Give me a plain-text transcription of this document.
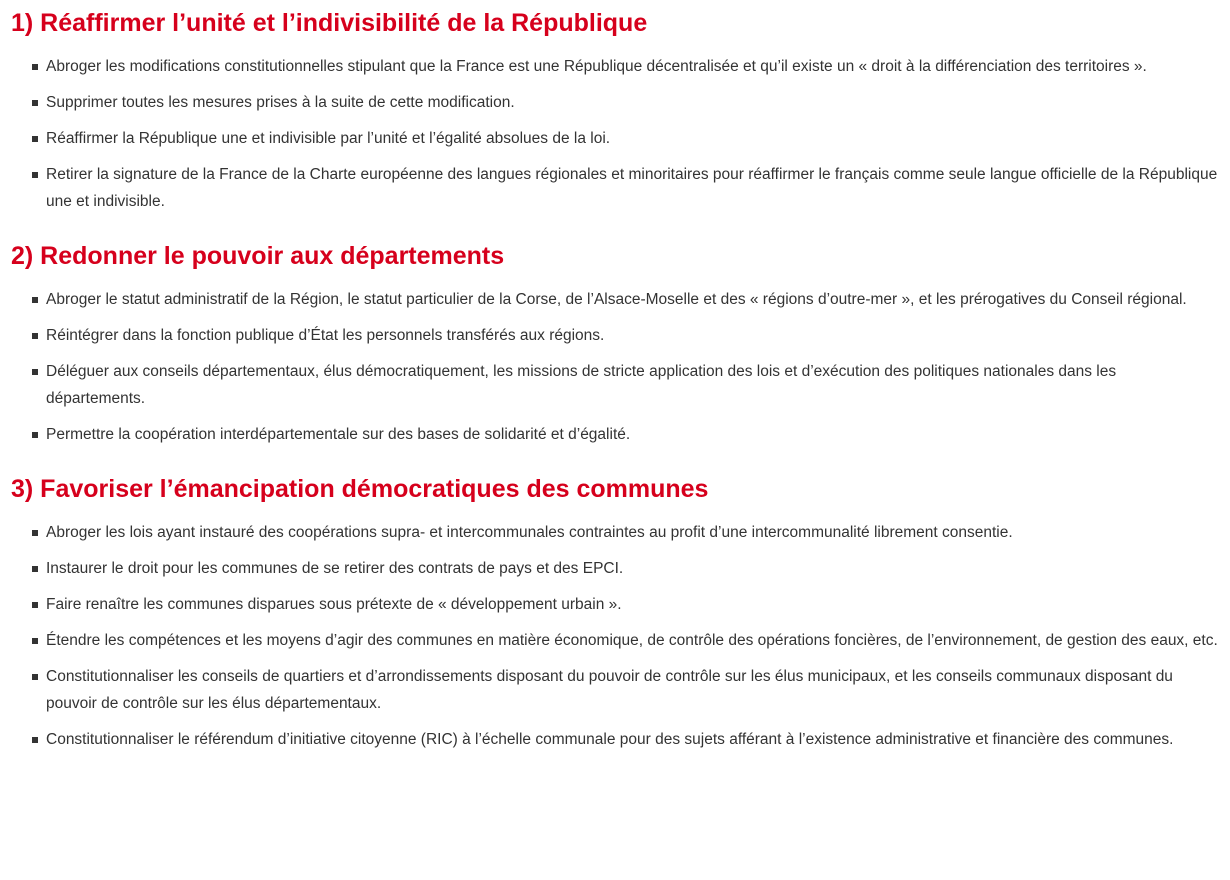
1) Réaffirmer l’unité et l’indivisibilité de la République
Abroger les modifications constitutionnelles stipulant que la France est une République décentralisée et qu’il existe un « droit à la différenciation des territoires ».
Supprimer toutes les mesures prises à la suite de cette modification.
Réaffirmer la République une et indivisible par l’unité et l’égalité absolues de la loi.
Retirer la signature de la France de la Charte européenne des langues régionales et minoritaires pour réaffirmer le français comme seule langue officielle de la République une et indivisible.
2) Redonner le pouvoir aux départements
Abroger le statut administratif de la Région, le statut particulier de la Corse, de l’Alsace-Moselle et des « régions d’outre-mer », et les prérogatives du Conseil régional.
Réintégrer dans la fonction publique d’État les personnels transférés aux régions.
Déléguer aux conseils départementaux, élus démocratiquement, les missions de stricte application des lois et d’exécution des politiques nationales dans les départements.
Permettre la coopération interdépartementale sur des bases de solidarité et d’égalité.
3) Favoriser l’émancipation démocratiques des communes
Abroger les lois ayant instauré des coopérations supra- et intercommunales contraintes au profit d’une intercommunalité librement consentie.
Instaurer le droit pour les communes de se retirer des contrats de pays et des EPCI.
Faire renaître les communes disparues sous prétexte de « développement urbain ».
Étendre les compétences et les moyens d’agir des communes en matière économique, de contrôle des opérations foncières, de l’environnement, de gestion des eaux, etc.
Constitutionnaliser les conseils de quartiers et d’arrondissements disposant du pouvoir de contrôle sur les élus municipaux, et les conseils communaux disposant du pouvoir de contrôle sur les élus départementaux.
Constitutionnaliser le référendum d’initiative citoyenne (RIC) à l’échelle communale pour des sujets afférant à l’existence administrative et financière des communes.
